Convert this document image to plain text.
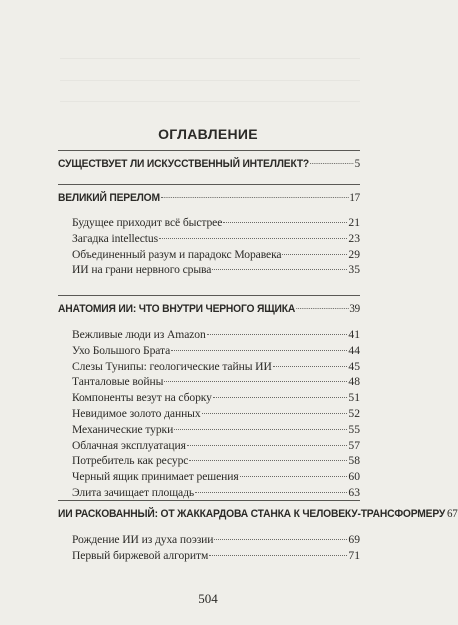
ОГЛАВЛЕНИЕ
СУЩЕСТВУЕТ ЛИ ИСКУССТВЕННЫЙ ИНТЕЛЛЕКТ?	5
ВЕЛИКИЙ ПЕРЕЛОМ	17
Будущее приходит всё быстрее	21
Загадка intellectus	23
Объединенный разум и парадокс Моравека	29
ИИ на грани нервного срыва	35
АНАТОМИЯ ИИ: ЧТО ВНУТРИ ЧЕРНОГО ЯЩИКА	39
Вежливые люди из Amazon	41
Ухо Большого Брата	44
Слезы Тунипы: геологические тайны ИИ	45
Танталовые войны	48
Компоненты везут на сборку	51
Невидимое золото данных	52
Механические турки	55
Облачная эксплуатация	57
Потребитель как ресурс	58
Черный ящик принимает решения	60
Элита зачищает площадь	63
ИИ РАСКОВАННЫЙ: ОТ ЖАККАРДОВА СТАНКА К ЧЕЛОВЕКУ-ТРАНСФОРМЕРУ 67
Рождение ИИ из духа поэзии	69
Первый биржевой алгоритм	71
504
